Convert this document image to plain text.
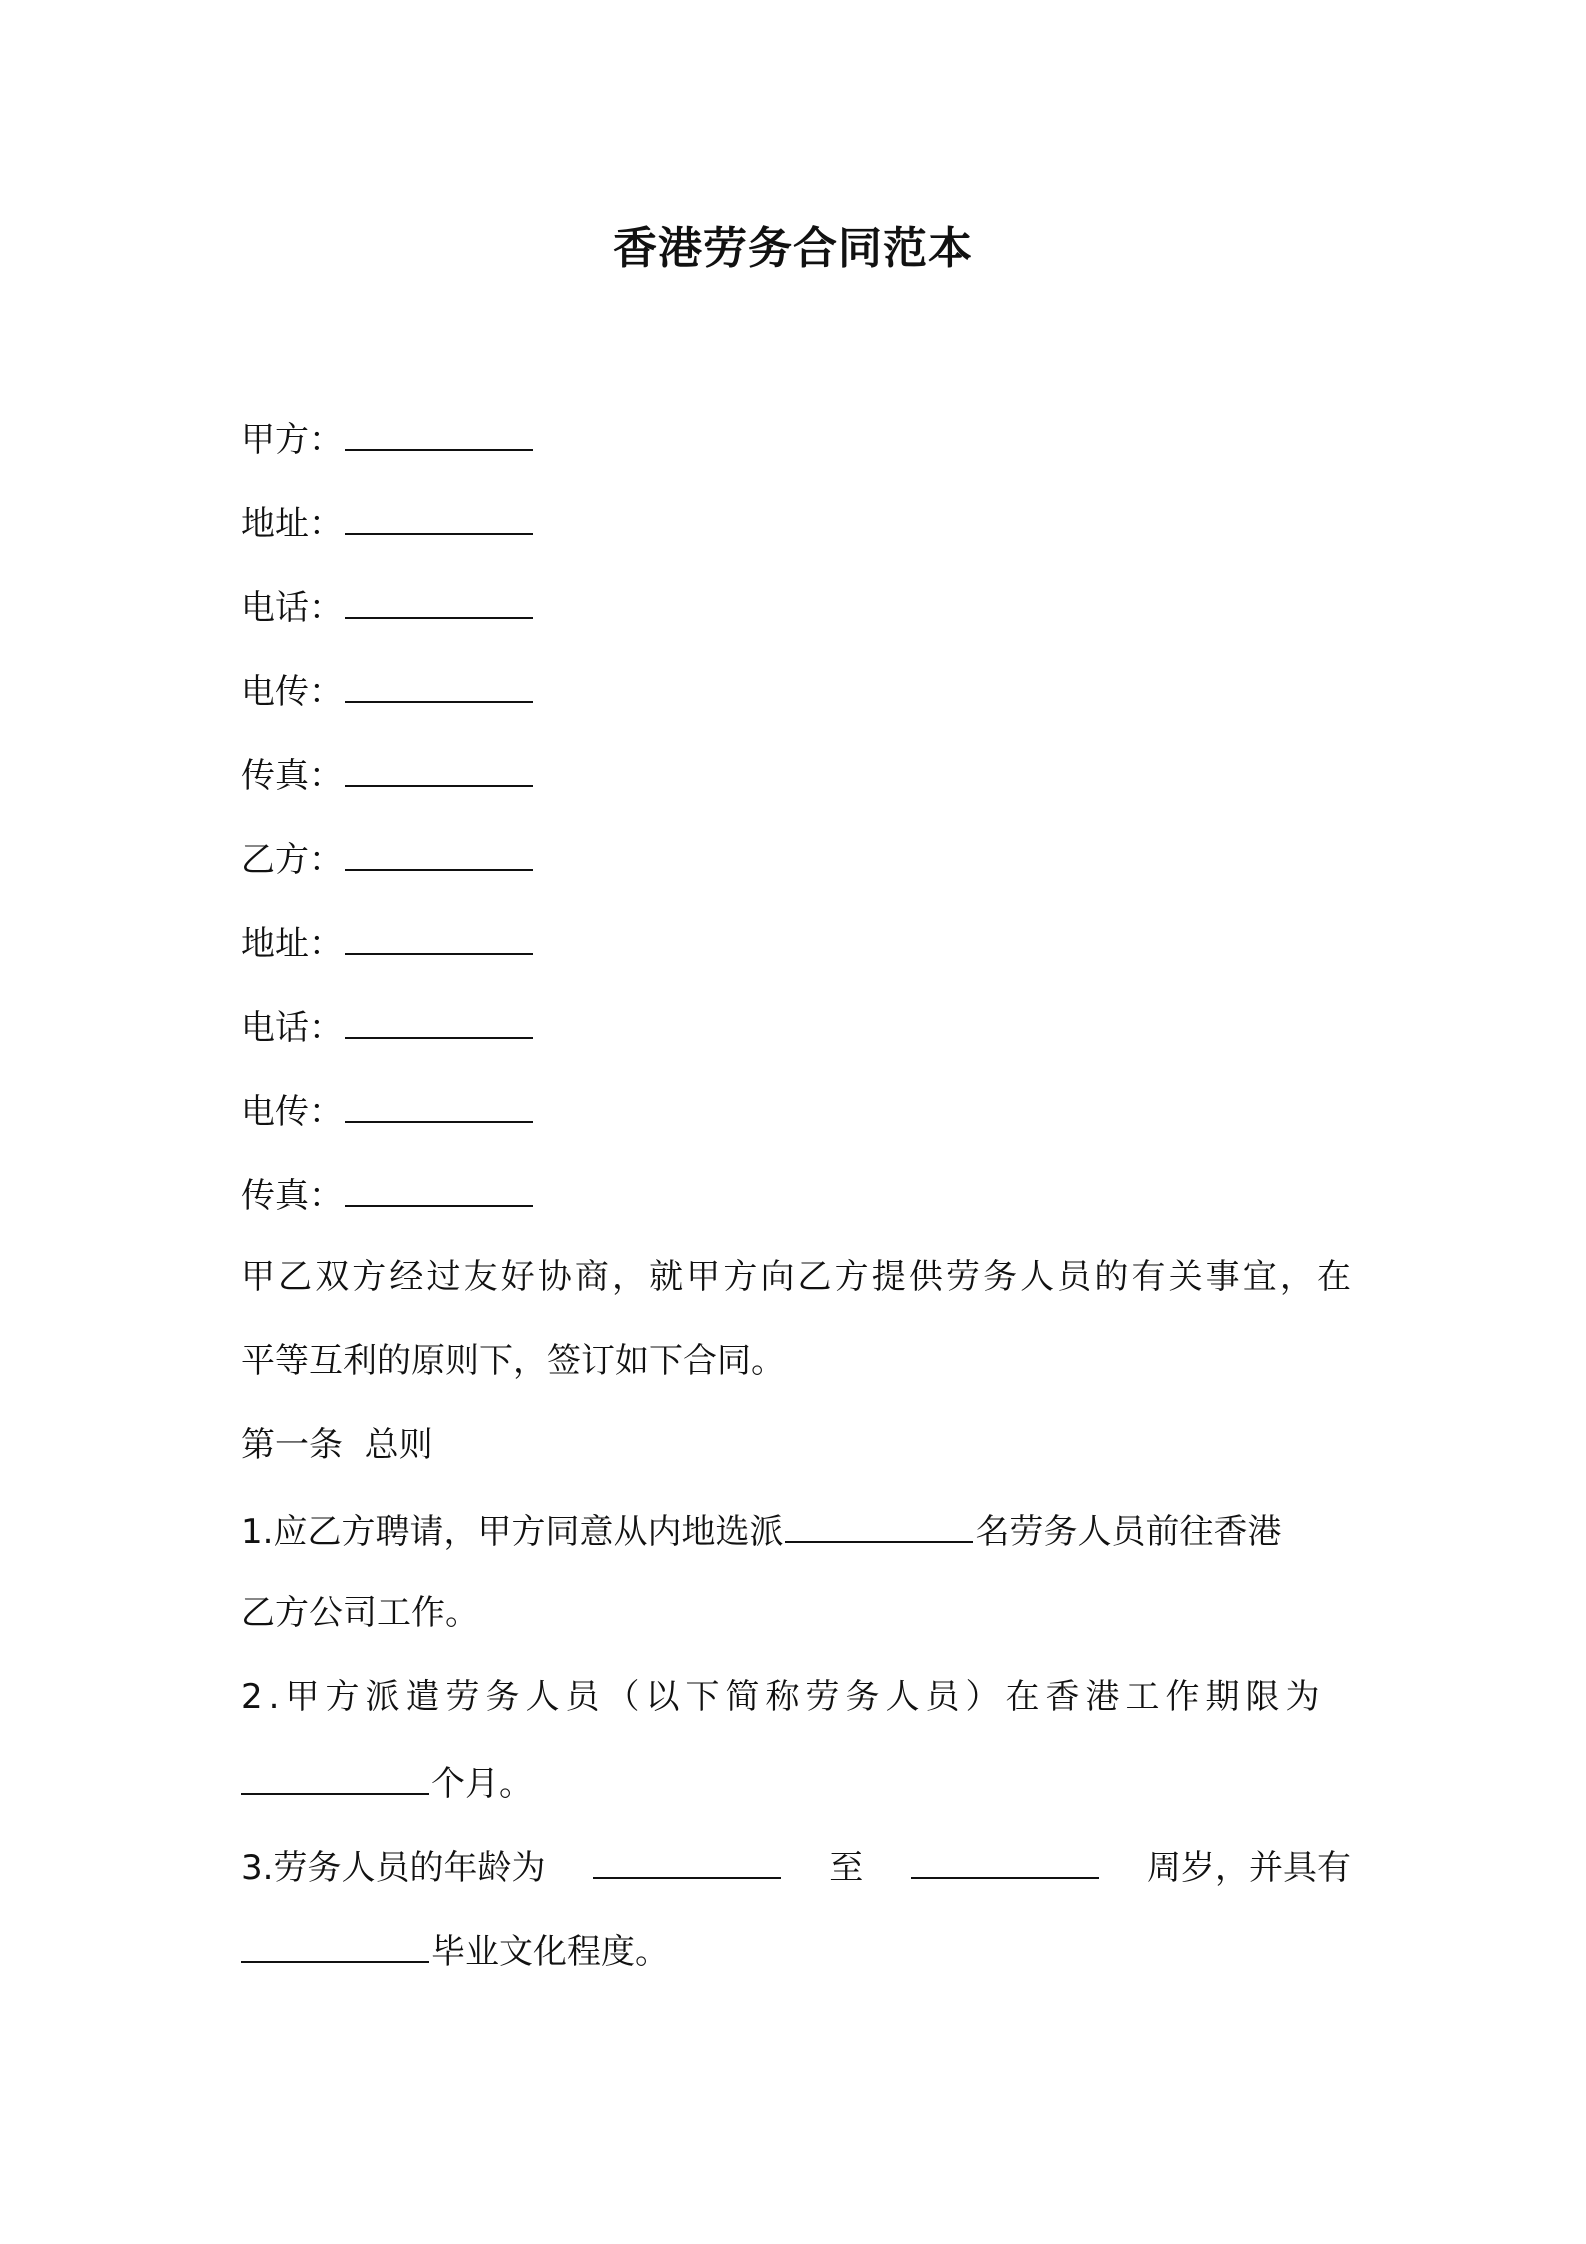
香港劳务合同范本
甲方：
地址：
电话：
电传：
传真：
乙方：
地址：
电话：
电传：
传真：
甲乙双方经过友好协商，就甲方向乙方提供劳务人员的有关事宜，在
平等互利的原则下，签订如下合同。
第一条  总则
1.应乙方聘请，甲方同意从内地选派	名劳务人员前往香港
乙方公司工作。
2.甲方派遣劳务人员（以下简称劳务人员）在香港工作期限为
个月。
3.劳务人员的年龄为	至	周岁，并具有
毕业文化程度。
